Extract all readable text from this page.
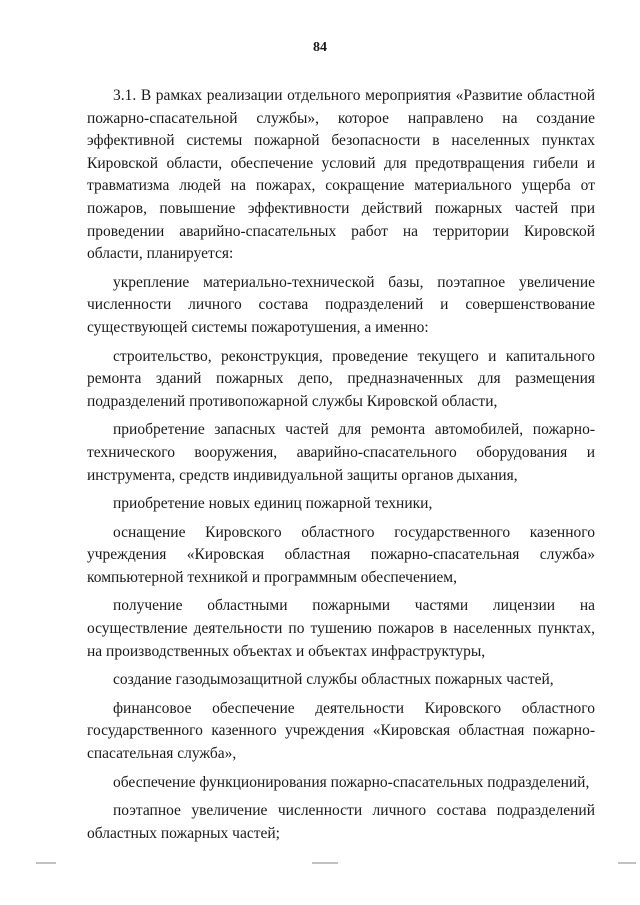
84

3.1. В рамках реализации отдельного мероприятия «Развитие областной пожарно-спасательной службы», которое направлено на создание эффективной системы пожарной безопасности в населенных пунктах Кировской области, обеспечение условий для предотвращения гибели и травматизма людей на пожарах, сокращение материального ущерба от пожаров, повышение эффективности действий пожарных частей при проведении аварийно-спасательных работ на территории Кировской области, планируется:

укрепление материально-технической базы, поэтапное увеличение численности личного состава подразделений и совершенствование существующей системы пожаротушения, а именно:

строительство, реконструкция, проведение текущего и капитального ремонта зданий пожарных депо, предназначенных для размещения подразделений противопожарной службы Кировской области,

приобретение запасных частей для ремонта автомобилей, пожарно-технического вооружения, аварийно-спасательного оборудования и инструмента, средств индивидуальной защиты органов дыхания,

приобретение новых единиц пожарной техники,

оснащение Кировского областного государственного казенного учреждения «Кировская областная пожарно-спасательная служба» компьютерной техникой и программным обеспечением,

получение областными пожарными частями лицензии на осуществление деятельности по тушению пожаров в населенных пунктах, на производственных объектах и объектах инфраструктуры,

создание газодымозащитной службы областных пожарных частей,

финансовое обеспечение деятельности Кировского областного государственного казенного учреждения «Кировская областная пожарно-спасательная служба»,

обеспечение функционирования пожарно-спасательных подразделений,

поэтапное увеличение численности личного состава подразделений областных пожарных частей;
